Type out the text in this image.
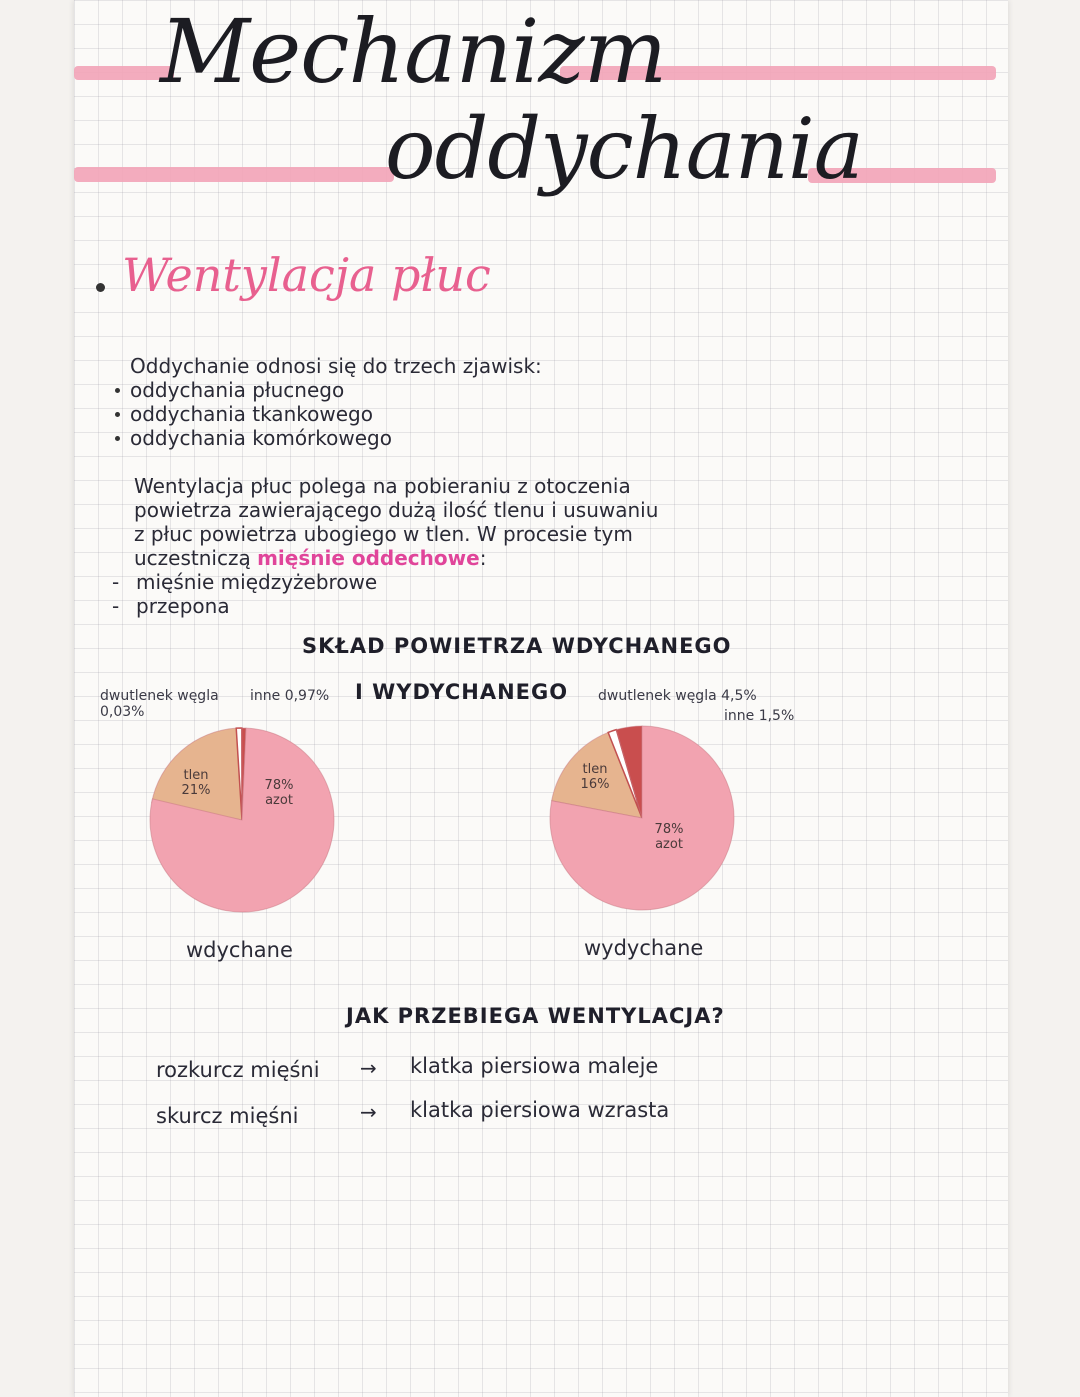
Mechanizm
oddychania
Wentylacja płuc
Oddychanie odnosi się do trzech zjawisk:
oddychania płucnego
oddychania tkankowego
oddychania komórkowego
Wentylacja płuc polega na pobieraniu z otoczenia
powietrza zawierającego dużą ilość tlenu i usuwaniu
z płuc powietrza ubogiego w tlen. W procesie tym
uczestniczą mięśnie oddechowe:
- mięśnie międzyżebrowe
- przepona
SKŁAD POWIETRZA WDYCHANEGO
I WYDYCHANEGO
dwutlenek węgla 0,03%
inne 0,97%
tlen 21%	78% azot
wdychane
dwutlenek węgla 4,5%
inne 1,5%
tlen 16%
78% azot
wydychane
JAK PRZEBIEGA WENTYLACJA?
rozkurcz mięśni → klatka piersiowa maleje
skurcz mięśni	→ klatka piersiowa wzrasta
